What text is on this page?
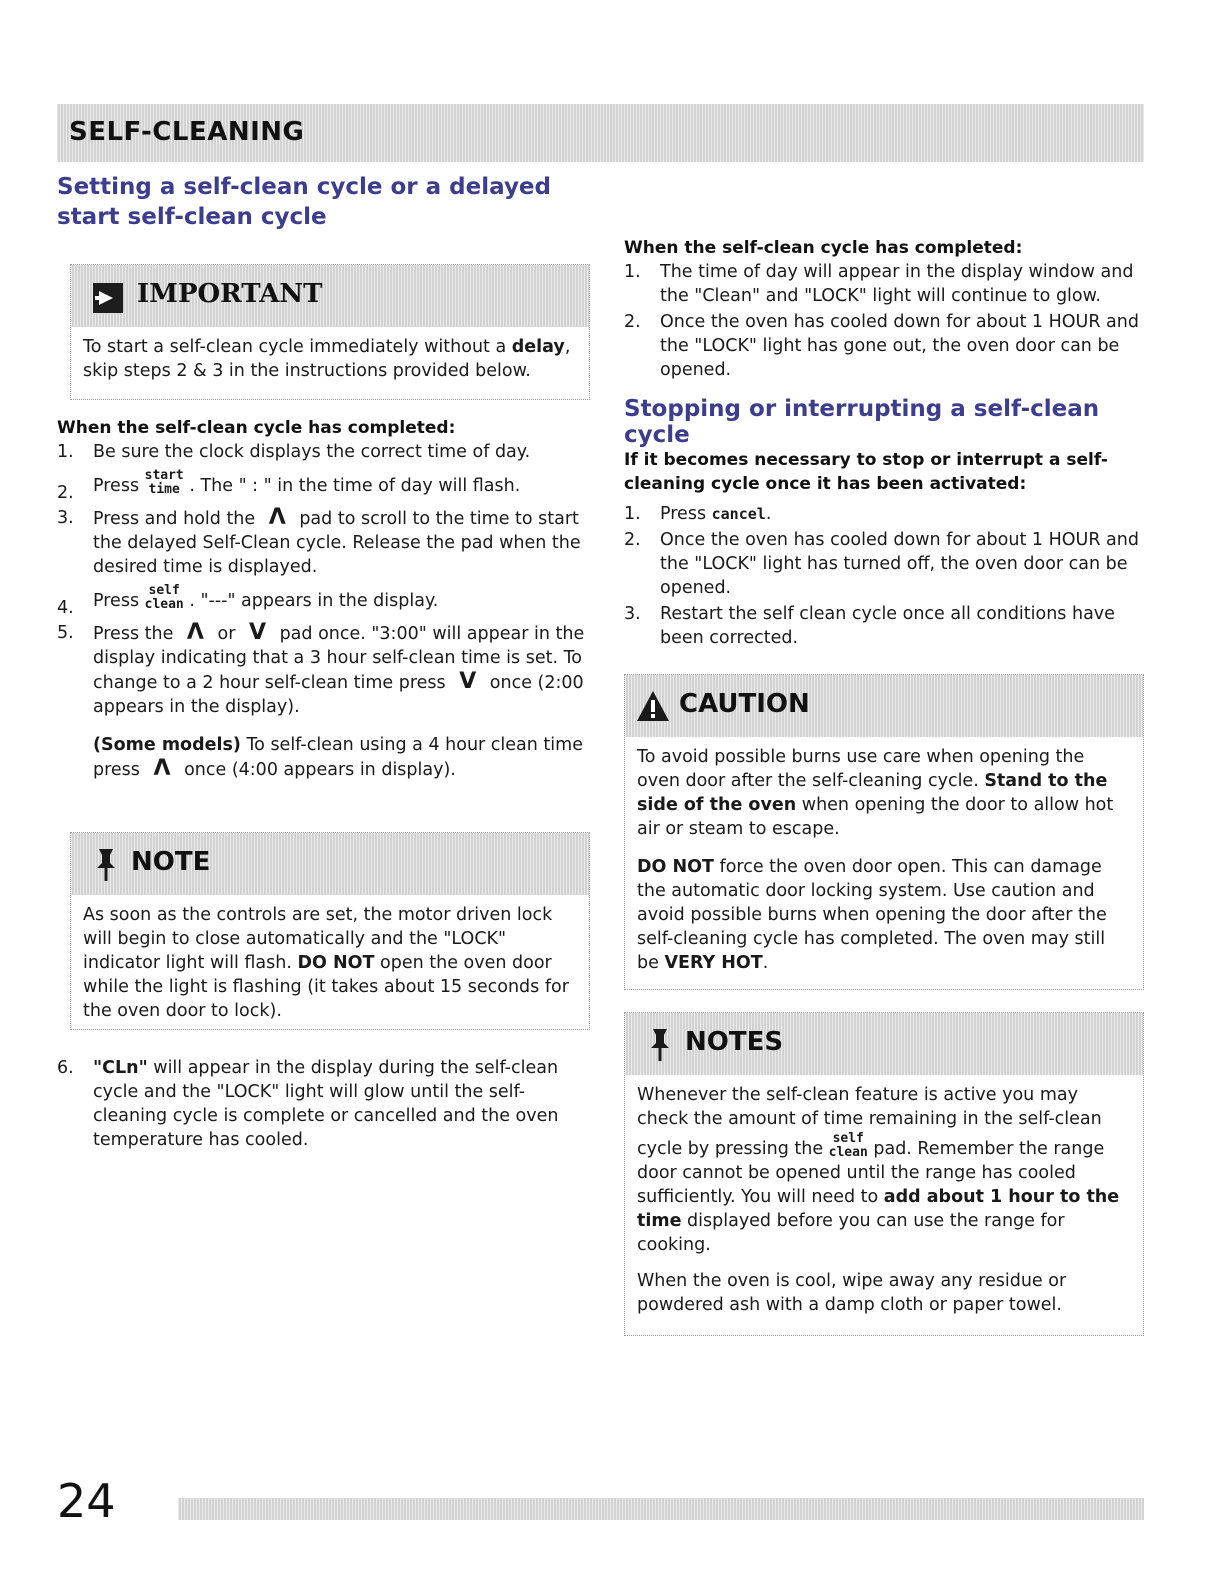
SELF-CLEANING
Setting a self-clean cycle or a delayed start self-clean cycle
IMPORTANT
To start a self-clean cycle immediately without a delay, skip steps 2 & 3 in the instructions provided below.
When the self-clean cycle has completed:
1. Be sure the clock displays the correct time of day.
2. Press start
time . The " : " in the time of day will flash.
3. Press and hold the Λ pad to scroll to the time to start the delayed Self-Clean cycle. Release the pad when the desired time is displayed.
4. Press self
clean . "---" appears in the display.
5. Press the Λ or V pad once. "3:00" will appear in the display indicating that a 3 hour self-clean time is set. To change to a 2 hour self-clean time press V once (2:00 appears in the display).
(Some models) To self-clean using a 4 hour clean time press Λ once (4:00 appears in display).
NOTE
As soon as the controls are set, the motor driven lock will begin to close automatically and the "LOCK" indicator light will flash. DO NOT open the oven door while the light is flashing (it takes about 15 seconds for the oven door to lock).
6. "CLn" will appear in the display during the self-clean cycle and the "LOCK" light will glow until the self-cleaning cycle is complete or cancelled and the oven temperature has cooled.
When the self-clean cycle has completed:
1. The time of day will appear in the display window and the "Clean" and "LOCK" light will continue to glow.
2. Once the oven has cooled down for about 1 HOUR and the "LOCK" light has gone out, the oven door can be opened.
Stopping or interrupting a self-clean cycle
If it becomes necessary to stop or interrupt a self-cleaning cycle once it has been activated:
1. Press cancel.
2. Once the oven has cooled down for about 1 HOUR and the "LOCK" light has turned off, the oven door can be opened.
3. Restart the self clean cycle once all conditions have been corrected.
CAUTION
To avoid possible burns use care when opening the oven door after the self-cleaning cycle. Stand to the side of the oven when opening the door to allow hot air or steam to escape.
DO NOT force the oven door open. This can damage the automatic door locking system. Use caution and avoid possible burns when opening the door after the self-cleaning cycle has completed. The oven may still be VERY HOT.
NOTES
Whenever the self-clean feature is active you may check the amount of time remaining in the self-clean cycle by pressing the self
clean pad. Remember the range door cannot be opened until the range has cooled sufficiently. You will need to add about 1 hour to the time displayed before you can use the range for cooking.
When the oven is cool, wipe away any residue or powdered ash with a damp cloth or paper towel.
24
